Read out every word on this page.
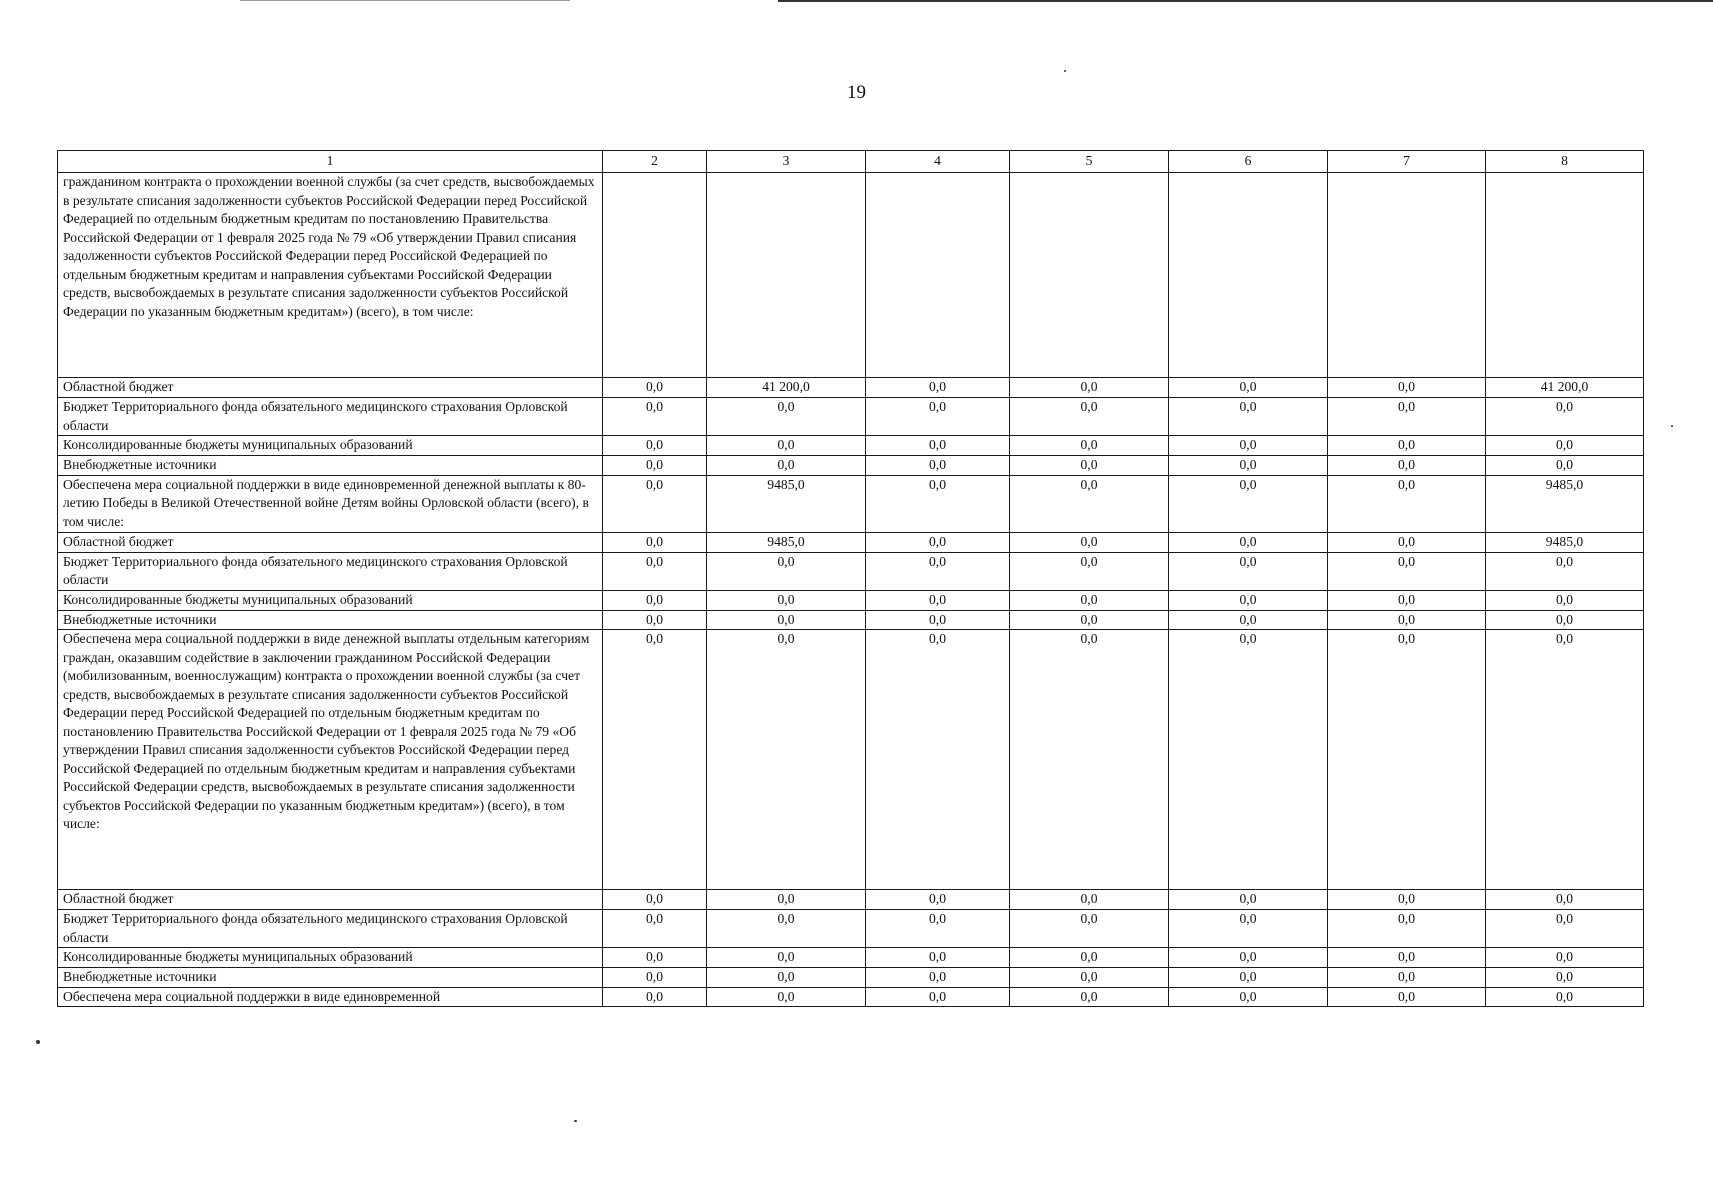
19
1	2	3	4	5	6	7	8
гражданином контракта о прохождении военной службы (за счет средств, высвобождаемых в результате списания задолженности субъектов Российской Федерации перед Российской Федерацией по отдельным бюджетным кредитам по постановлению Правительства Российской Федерации от 1 февраля 2025 года № 79 «Об утверждении Правил списания задолженности субъектов Российской Федерации перед Российской Федерацией по отдельным бюджетным кредитам и направления субъектами Российской Федерации средств, высвобождаемых в результате списания задолженности субъектов Российской Федерации по указанным бюджетным кредитам») (всего), в том числе:							
Областной бюджет	0,0	41 200,0	0,0	0,0	0,0	0,0	41 200,0
Бюджет Территориального фонда обязательного медицинского страхования Орловской области	0,0	0,0	0,0	0,0	0,0	0,0	0,0
Консолидированные бюджеты муниципальных образований	0,0	0,0	0,0	0,0	0,0	0,0	0,0
Внебюджетные источники	0,0	0,0	0,0	0,0	0,0	0,0	0,0
Обеспечена мера социальной поддержки в виде единовременной денежной выплаты к 80-летию Победы в Великой Отечественной войне Детям войны Орловской области (всего), в том числе:	0,0	9485,0	0,0	0,0	0,0	0,0	9485,0
Областной бюджет	0,0	9485,0	0,0	0,0	0,0	0,0	9485,0
Бюджет Территориального фонда обязательного медицинского страхования Орловской области	0,0	0,0	0,0	0,0	0,0	0,0	0,0
Консолидированные бюджеты муниципальных образований	0,0	0,0	0,0	0,0	0,0	0,0	0,0
Внебюджетные источники	0,0	0,0	0,0	0,0	0,0	0,0	0,0
Обеспечена мера социальной поддержки в виде денежной выплаты отдельным категориям граждан, оказавшим содействие в заключении гражданином Российской Федерации (мобилизованным, военнослужащим) контракта о прохождении военной службы (за счет средств, высвобождаемых в результате списания задолженности субъектов Российской Федерации перед Российской Федерацией по отдельным бюджетным кредитам по постановлению Правительства Российской Федерации от 1 февраля 2025 года № 79 «Об утверждении Правил списания задолженности субъектов Российской Федерации перед Российской Федерацией по отдельным бюджетным кредитам и направления субъектами Российской Федерации средств, высвобождаемых в результате списания задолженности субъектов Российской Федерации по указанным бюджетным кредитам») (всего), в том числе:	0,0	0,0	0,0	0,0	0,0	0,0	0,0
Областной бюджет	0,0	0,0	0,0	0,0	0,0	0,0	0,0
Бюджет Территориального фонда обязательного медицинского страхования Орловской области	0,0	0,0	0,0	0,0	0,0	0,0	0,0
Консолидированные бюджеты муниципальных образований	0,0	0,0	0,0	0,0	0,0	0,0	0,0
Внебюджетные источники	0,0	0,0	0,0	0,0	0,0	0,0	0,0
Обеспечена мера социальной поддержки в виде единовременной	0,0	0,0	0,0	0,0	0,0	0,0	0,0
